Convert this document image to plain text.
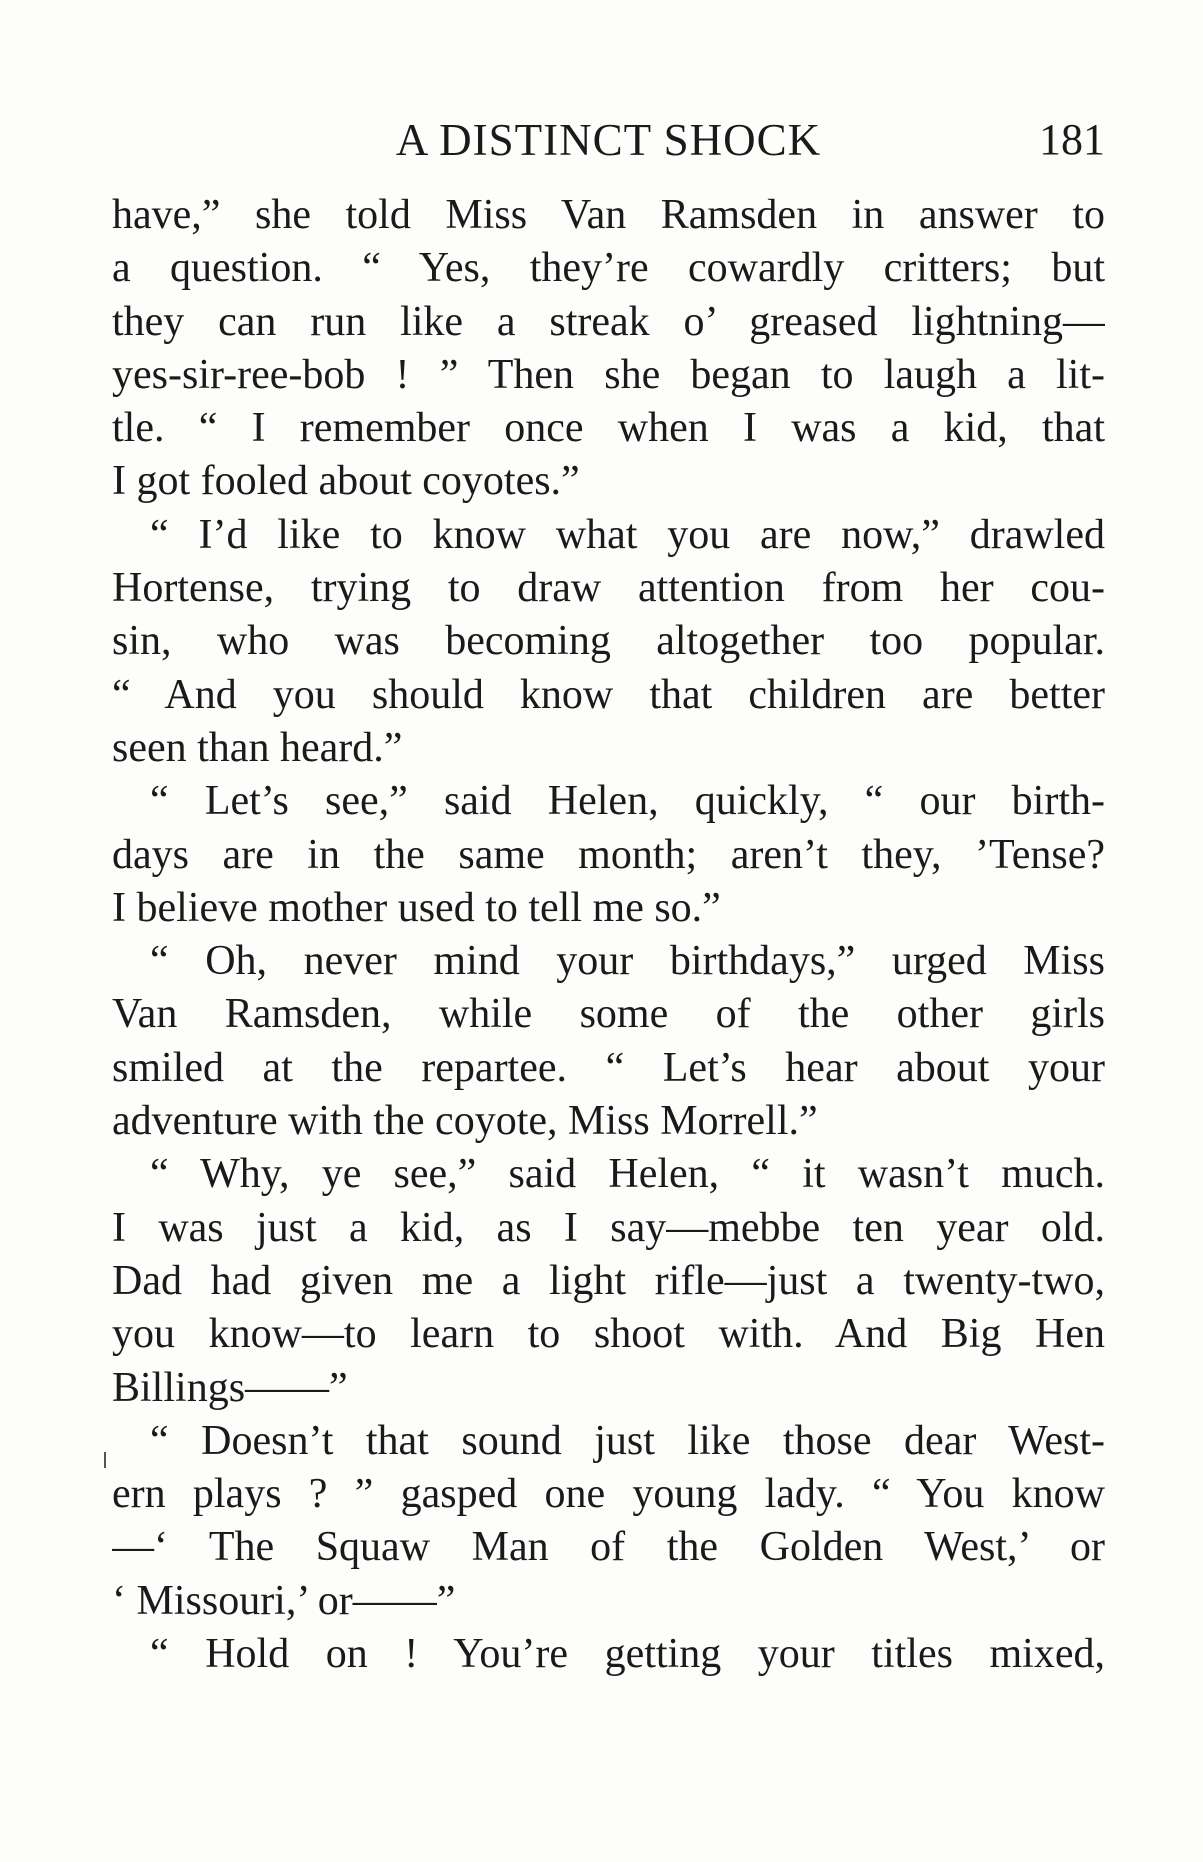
A DISTINCT SHOCK	181
have,” she told Miss Van Ramsden in answer to
a question. “ Yes, they’re cowardly critters; but
they can run like a streak o’ greased lightning—
yes-sir-ree-bob ! ” Then she began to laugh a lit-
tle. “ I remember once when I was a kid, that
I got fooled about coyotes.”
“ I’d like to know what you are now,” drawled
Hortense, trying to draw attention from her cou-
sin, who was becoming altogether too popular.
“ And you should know that children are better
seen than heard.”
“ Let’s see,” said Helen, quickly, “ our birth-
days are in the same month; aren’t they, ’Tense?
I believe mother used to tell me so.”
“ Oh, never mind your birthdays,” urged Miss
Van Ramsden, while some of the other girls
smiled at the repartee. “ Let’s hear about your
adventure with the coyote, Miss Morrell.”
“ Why, ye see,” said Helen, “ it wasn’t much.
I was just a kid, as I say—mebbe ten year old.
Dad had given me a light rifle—just a twenty-two,
you know—to learn to shoot with. And Big Hen
Billings——”
“ Doesn’t that sound just like those dear West-
ern plays ? ” gasped one young lady. “ You know
—‘ The Squaw Man of the Golden West,’ or
‘ Missouri,’ or——”
“ Hold on ! You’re getting your titles mixed,
